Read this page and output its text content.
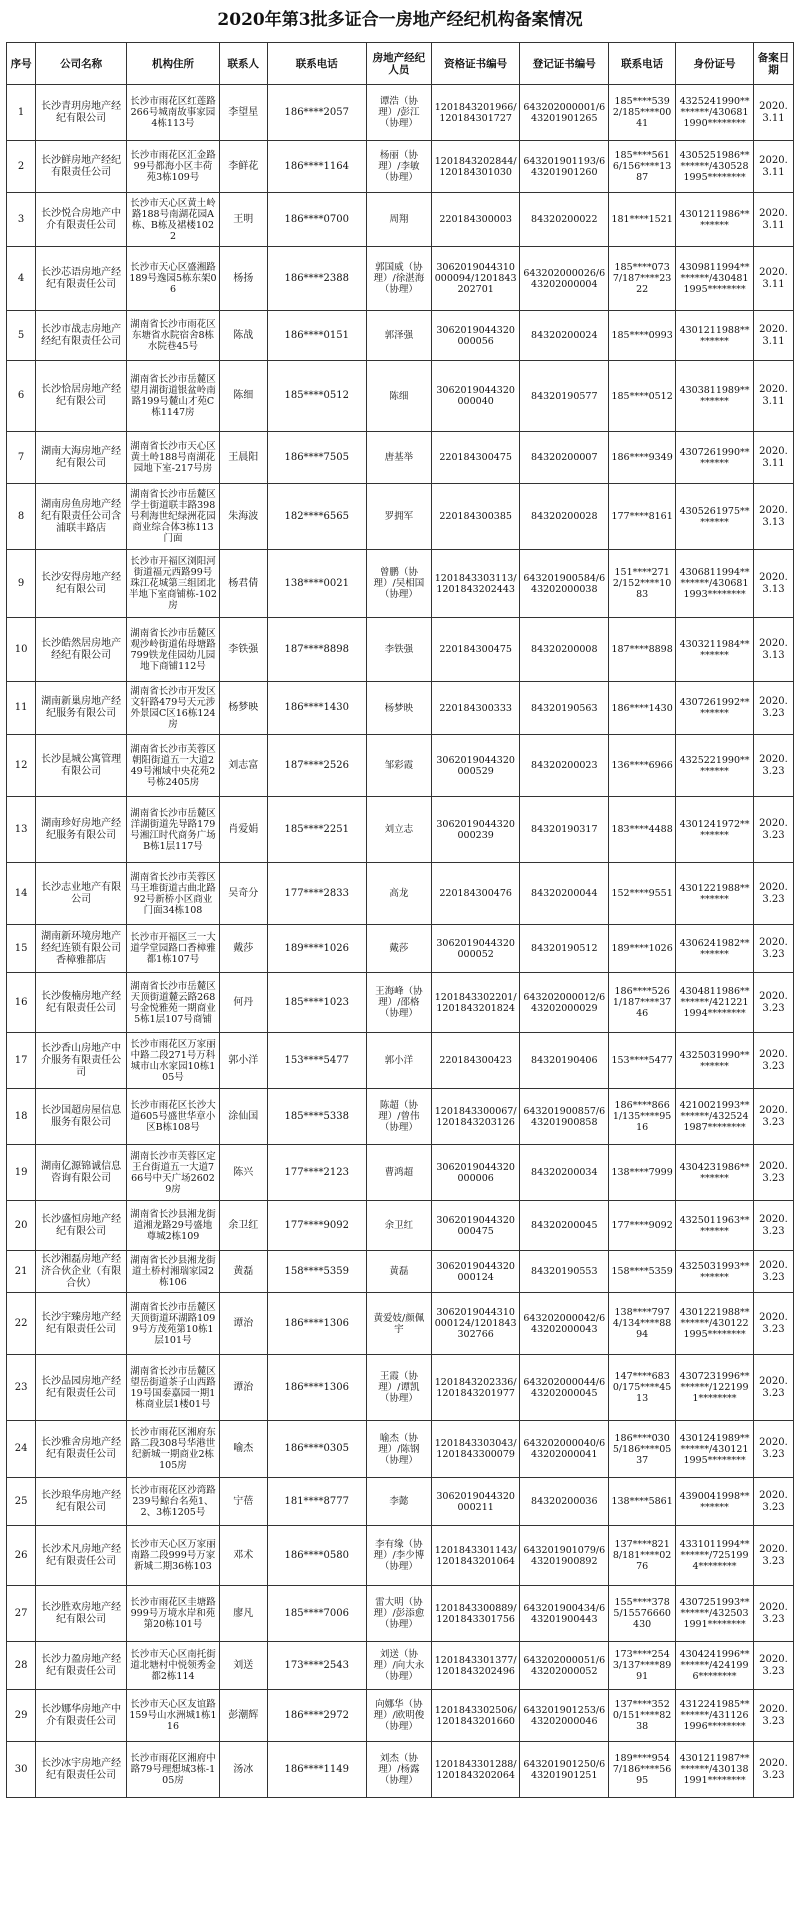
2020年第3批多证合一房地产经纪机构备案情况
序号	公司名称	机构住所	联系人	联系电话	房地产经纪人员	资格证书编号	登记证书编号	联系电话	身份证号	备案日期
1	长沙青玥房地产经纪有限公司	长沙市雨花区红莲路266号城南故事家园4栋113号	李望星	186****2057	谭浩（协理）/彭江（协理）	1201843201966/120184301727	643202000001/643201901265	185****5392/185****0041	4325241990********/4306811990********	2020.3.11
2	长沙鲜房地产经纪有限责任公司	长沙市雨花区汇金路99号都海小区丰荷苑3栋109号	李鲜花	186****1164	杨丽（协理）/李敏（协理）	1201843202844/120184301030	643201901193/643201901260	185****5616/156****1387	4305251986********/4305281995********	2020.3.11
3	长沙悦合房地产中介有限责任公司	长沙市天心区黄土岭路188号南湖花园A栋、B栋及裙楼1022	王明	186****0700	周翔	220184300003	84320200022	181****1521	4301211986********	2020.3.11
4	长沙芯语房地产经纪有限责任公司	长沙市天心区盛湘路189号逸园5栋东架06	杨扬	186****2388	郭国威（协理）/徐湛海（协理）	3062019044310000094/1201843202701	643202000026/643202000004	185****0737/187****2322	4309811994********/4304811995********	2020.3.11
5	长沙市战志房地产经纪有限责任公司	湖南省长沙市雨花区东塘省水院宿舍8栋水院巷45号	陈战	186****0151	郭泽强	3062019044320000056	84320200024	185****0993	4301211988********	2020.3.11
6	长沙恰居房地产经纪有限公司	湖南省长沙市岳麓区望月湖街道银盆岭南路199号麓山才苑C栋1147房	陈细	185****0512	陈细	3062019044320000040	84320190577	185****0512	4303811989********	2020.3.11
7	湖南大海房地产经纪有限公司	湖南省长沙市天心区黄土岭188号南湖花园地下室-217号房	王晨阳	186****7505	唐基举	220184300475	84320200007	186****9349	4307261990********	2020.3.11
8	湖南房鱼房地产经纪有限责任公司含浦联丰路店	湖南省长沙市岳麓区学士街道联丰路398号利海世纪绿洲花园商业综合体3栋113门面	朱海波	182****6565	罗拥军	220184300385	84320200028	177****8161	4305261975********	2020.3.13
9	长沙安得房地产经纪有限公司	长沙市开福区浏阳河街道福元西路99号珠江花城第三组团北半地下室商铺栋-102房	杨君倩	138****0021	曾鹏（协理）/吴相国（协理）	1201843303113/1201843202443	643201900584/643202000038	151****2712/152****1083	4306811994********/4306811993********	2020.3.13
10	长沙皓然居房地产经纪有限公司	湖南省长沙市岳麓区观沙岭街道佑母塘路799铁龙佳园幼儿园地下商铺112号	李铁强	187****8898	李铁强	220184300475	84320200008	187****8898	4303211984********	2020.3.13
11	湖南新巢房地产经纪服务有限公司	湖南省长沙市开发区文轩路479号天元涉外景园C区16栋124房	杨梦映	186****1430	杨梦映	220184300333	84320190563	186****1430	4307261992********	2020.3.23
12	长沙昆城公寓管理有限公司	湖南省长沙市芙蓉区朝阳街道五一大道249号湘域中央花苑2号栋2405房	刘志富	187****2526	邹彩霞	3062019044320000529	84320200023	136****6966	4325221990********	2020.3.23
13	湖南珍好房地产经纪服务有限公司	湖南省长沙市岳麓区洋湖街道先导路179号湘江时代商务广场B栋1层117号	肖爱娟	185****2251	刘立志	3062019044320000239	84320190317	183****4488	4301241972********	2020.3.23
14	长沙志业地产有限公司	湖南省长沙市芙蓉区马王堆街道古曲北路92号新桥小区商业门面34栋108	吴奇分	177****2833	高龙	220184300476	84320200044	152****9551	4301221988********	2020.3.23
15	湖南新环境房地产经纪连锁有限公司香樟雅都店	长沙市开福区三一大道学堂园路口香樟雅都1栋107号	戴莎	189****1026	戴莎	3062019044320000052	84320190512	189****1026	4306241982********	2020.3.23
16	长沙俊楠房地产经纪有限责任公司	湖南省长沙市岳麓区天顶街道麓云路268号金悦雅苑一期商业5栋1层107号商铺	何丹	185****1023	王海峰（协理）/邵格（协理）	1201843302201/1201843201824	643202000012/643202000029	186****5261/187****3746	4304811986********/4212211994********	2020.3.23
17	长沙香山房地产中介服务有限责任公司	长沙市雨花区万家丽中路二段271号万科城市山水家园10栋105号	郭小洋	153****5477	郭小洋	220184300423	84320190406	153****5477	4325031990********	2020.3.23
18	长沙国超房屋信息服务有限公司	长沙市雨花区长沙大道605号盛世华章小区B栋108号	涂仙国	185****5338	陈超（协理）/曾伟（协理）	1201843300067/1201843203126	643201900857/643201900858	186****8661/135****9516	4210021993********/4325241987********	2020.3.23
19	湖南亿源锦诚信息咨询有限公司	湖南长沙市芙蓉区定王台街道五一大道766号中天广场26029房	陈兴	177****2123	曹鸿超	3062019044320000006	84320200034	138****7999	4304231986********	2020.3.23
20	长沙盛恒房地产经纪有限公司	湖南省长沙县湘龙街道湘龙路29号盛地尊城2栋109	余卫红	177****9092	余卫红	3062019044320000475	84320200045	177****9092	4325011963********	2020.3.23
21	长沙湘磊房地产经济合伙企业（有限合伙）	湖南省长沙县湘龙街道土桥村湘瑞家园2栋106	黄磊	158****5359	黄磊	3062019044320000124	84320190553	158****5359	4325031993********	2020.3.23
22	长沙宇臻房地产经纪有限责任公司	湖南省长沙市岳麓区天顶街道环湖路1099号方茂苑第10栋1层101号	谭治	186****1306	黄爱妓/颜佩宇	3062019044310000124/1201843302766	643202000042/643202000043	138****7974/134****8894	4301221988********/4301221995********	2020.3.23
23	长沙品园房地产经纪有限责任公司	湖南省长沙市岳麓区望岳街道茶子山西路19号国泰嘉园一期1栋商业层1楼01号	谭治	186****1306	王霞（协理）/谭凯（协理）	1201843202336/1201843201977	643202000044/643202000045	147****6830/175****4513	4307231996********/1221991********	2020.3.23
24	长沙雅舍房地产经纪有限责任公司	长沙市雨花区湘府东路二段308号华港世纪新城一期商业2栋105房	喻杰	186****0305	喻杰（协理）/陈钢（协理）	1201843303043/1201843300079	643202000040/643202000041	186****0305/186****0537	4301241989********/4301211995********	2020.3.23
25	长沙琅华房地产经纪有限公司	长沙市雨花区沙湾路239号鲸台名苑1、2、3栋1205号	宁蓓	181****8777	李懿	3062019044320000211	84320200036	138****5861	4390041998********	2020.3.23
26	长沙术凡房地产经纪有限责任公司	长沙市天心区万家丽南路二段999号万家新城二期36栋103	邓术	186****0580	李有缘（协理）/李少博（协理）	1201843301143/1201843201064	643201901079/643201900892	137****8218/181****0276	4331011994********/7251994********	2020.3.23
27	长沙胜欢房地产经纪有限公司	长沙市雨花区圭塘路999号万境水岸和苑第20栋101号	廖凡	185****7006	雷大明（协理）/彭添愈（协理）	1201843300889/1201843301756	643201900434/643201900443	155****3785/15576660430	4307251993********/4325031991********	2020.3.23
28	长沙力盈房地产经纪有限责任公司	长沙市天心区南托街道北塘村中悦领秀金都2栋114	刘送	173****2543	刘送（协理）/向大永（协理）	1201843301377/1201843202496	643202000051/643202000052	173****2543/137****8991	4304241996********/4241996********	2020.3.23
29	长沙娜华房地产中介有限责任公司	长沙市天心区友谊路159号山水洲城1栋116	彭潮辉	186****2972	向娜华（协理）/欧明俊（协理）	1201843302506/1201843201660	643201901253/643202000046	137****3520/151****8238	4312241985********/4311261996********	2020.3.23
30	长沙冰宇房地产经纪有限责任公司	长沙市雨花区湘府中路79号理想城3栋-105房	汤冰	186****1149	刘杰（协理）/杨露（协理）	1201843301288/1201843202064	643201901250/643201901251	189****9547/186****5695	4301211987********/4301381991********	2020.3.23
